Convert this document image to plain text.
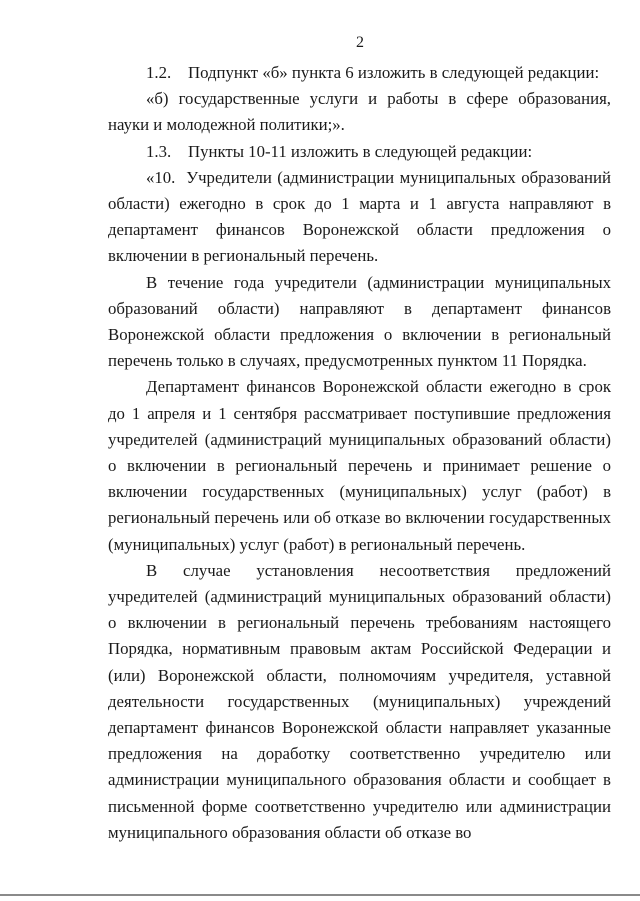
2

1.2.    Подпункт «б» пункта 6 изложить в следующей редакции:

«б) государственные услуги и работы в сфере образования, науки и молодежной политики;».

1.3.    Пункты 10-11 изложить в следующей редакции:

«10.  Учредители (администрации муниципальных образований области) ежегодно в срок до 1 марта и 1 августа направляют в департамент финансов Воронежской области предложения о включении в региональный перечень.

В течение года учредители (администрации муниципальных образований области) направляют в департамент финансов Воронежской области предложения о включении в региональный перечень только в случаях, предусмотренных пунктом 11 Порядка.

Департамент финансов Воронежской области ежегодно в срок до 1 апреля и 1 сентября рассматривает поступившие предложения учредителей (администраций муниципальных образований области) о включении в региональный перечень и принимает решение о включении государственных (муниципальных) услуг (работ) в региональный перечень или об отказе во включении государственных (муниципальных) услуг (работ) в региональный перечень.

В случае установления несоответствия предложений учредителей (администраций муниципальных образований области) о включении в региональный перечень требованиям настоящего Порядка, нормативным правовым актам Российской Федерации и (или) Воронежской области, полномочиям учредителя, уставной деятельности государственных (муниципальных) учреждений департамент финансов Воронежской области направляет указанные предложения на доработку соответственно учредителю или администрации муниципального образования области и сообщает в письменной форме соответственно учредителю или администрации муниципального образования области об отказе во
